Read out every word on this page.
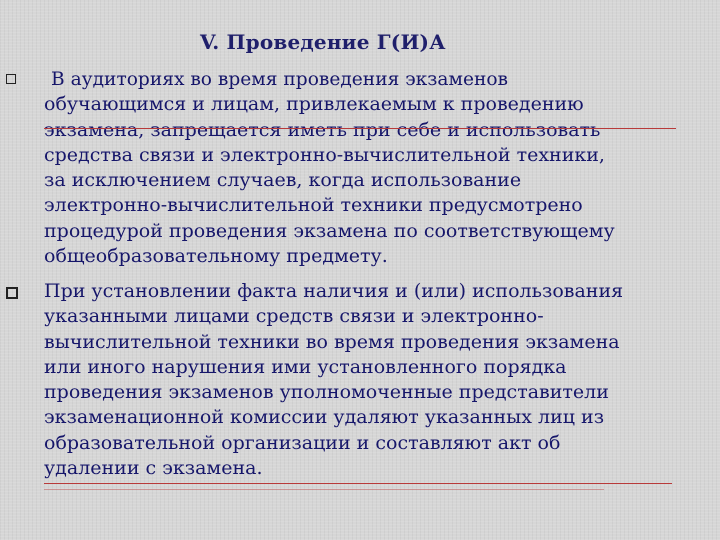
V. Проведение Г(И)А
В аудиториях во время проведения экзаменов
обучающимся и лицам, привлекаемым к проведению
экзамена, запрещается иметь при себе и использовать
средства связи и электронно-вычислительной техники,
за исключением случаев, когда использование
электронно-вычислительной техники предусмотрено
процедурой проведения экзамена по соответствующему
общеобразовательному предмету.
При установлении факта наличия и (или) использования
указанными лицами средств связи и электронно-
вычислительной техники во время проведения экзамена
или иного нарушения ими установленного порядка
проведения экзаменов уполномоченные представители
экзаменационной комиссии удаляют указанных лиц из
образовательной организации и составляют акт об
удалении с экзамена.
